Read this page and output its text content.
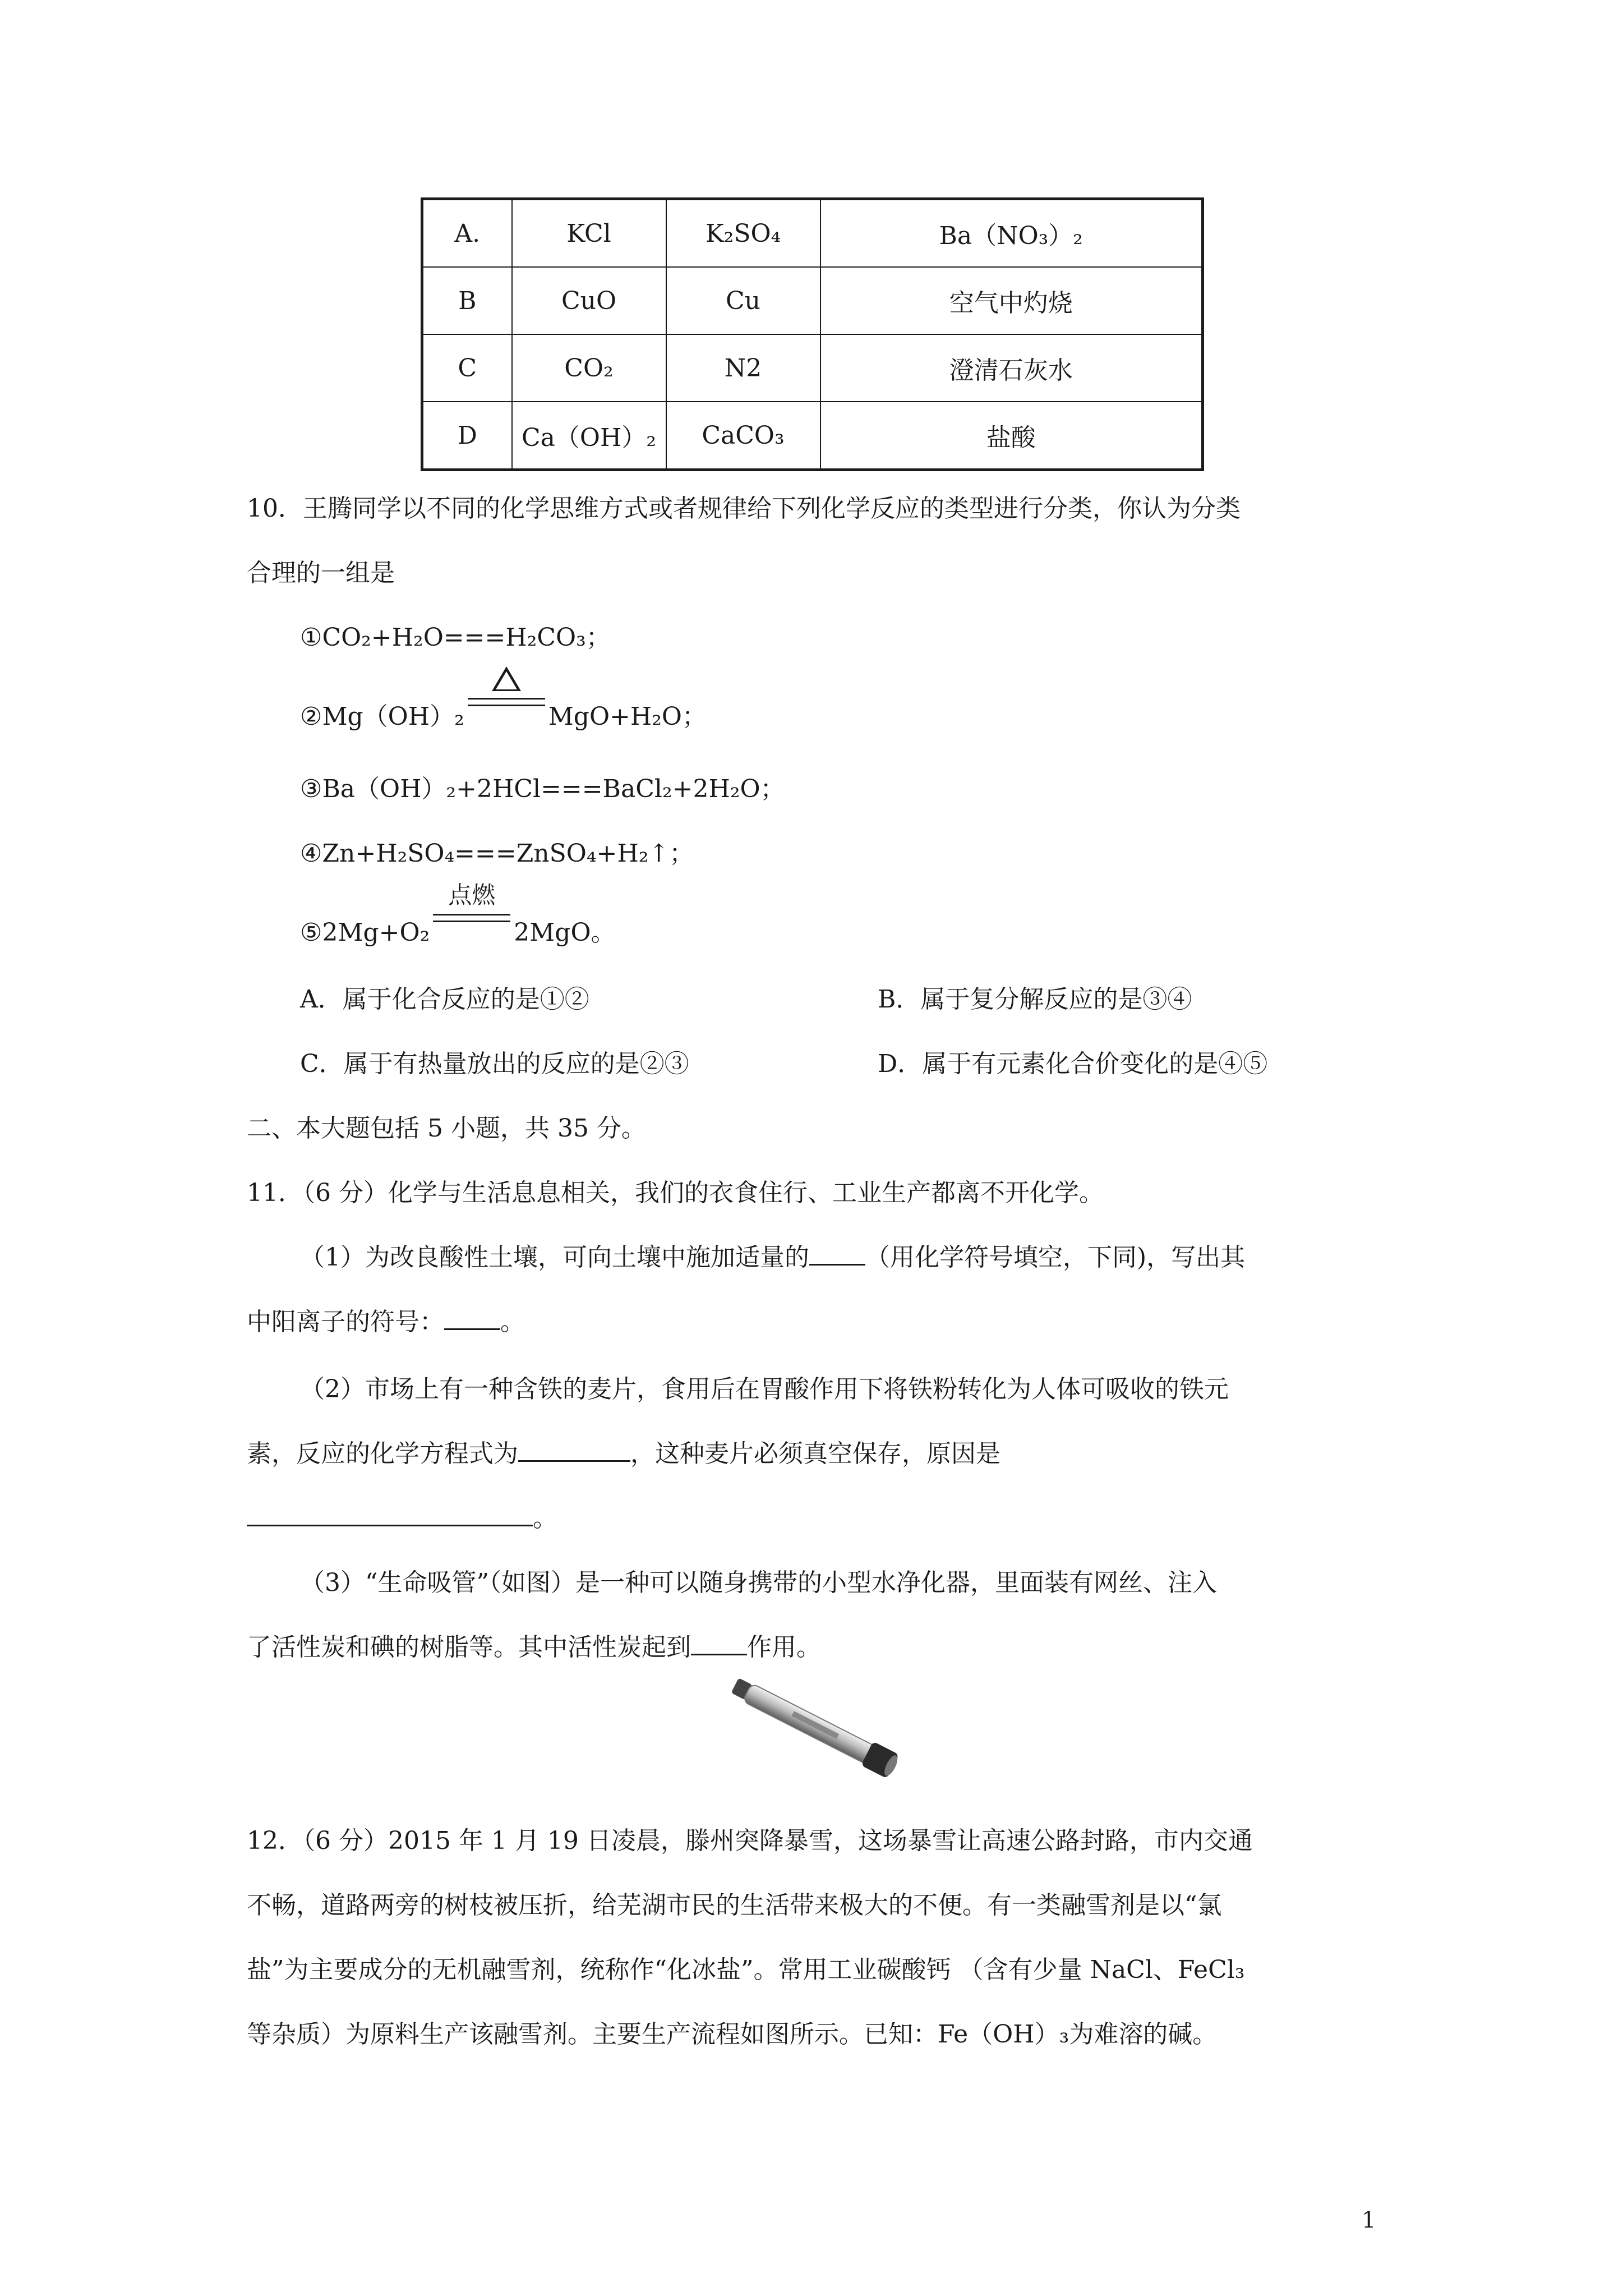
A.	KCl	K₂SO₄	Ba（NO₃）₂
B	CuO	Cu	空气中灼烧
C	CO₂	N2	澄清石灰水
D	Ca（OH）₂	CaCO₃	盐酸
10．王腾同学以不同的化学思维方式或者规律给下列化学反应的类型进行分类，你认为分类
合理的一组是
①CO₂+H₂O===H₂CO₃；
②Mg（OH）₂	MgO+H₂O；
③Ba（OH）₂+2HCl===BaCl₂+2H₂O；
④Zn+H₂SO₄===ZnSO₄+H₂↑；
⑤2Mg+O₂
点燃
2MgO。
A．属于化合反应的是①②	B．属于复分解反应的是③④
C．属于有热量放出的反应的是②③	D．属于有元素化合价变化的是④⑤
二、本大题包括 5 小题，共 35 分。
11．（6 分）化学与生活息息相关，我们的衣食住行、工业生产都离不开化学。
（1）为改良酸性土壤，可向土壤中施加适量的 （用化学符号填空，下同)，写出其
中阳离子的符号： 。
（2）市场上有一种含铁的麦片，食用后在胃酸作用下将铁粉转化为人体可吸收的铁元
素，反应的化学方程式为	，这种麦片必须真空保存，原因是
。
（3）“生命吸管”（如图）是一种可以随身携带的小型水净化器，里面装有网丝、注入
了活性炭和碘的树脂等。其中活性炭起到 作用。
12．（6 分）2015 年 1 月 19 日凌晨，滕州突降暴雪，这场暴雪让高速公路封路，市内交通
不畅，道路两旁的树枝被压折，给芜湖市民的生活带来极大的不便。有一类融雪剂是以“氯
盐”为主要成分的无机融雪剂，统称作“化冰盐”。常用工业碳酸钙 （含有少量 NaCl、FeCl₃
等杂质）为原料生产该融雪剂。主要生产流程如图所示。已知：Fe（OH）₃为难溶的碱。
1
